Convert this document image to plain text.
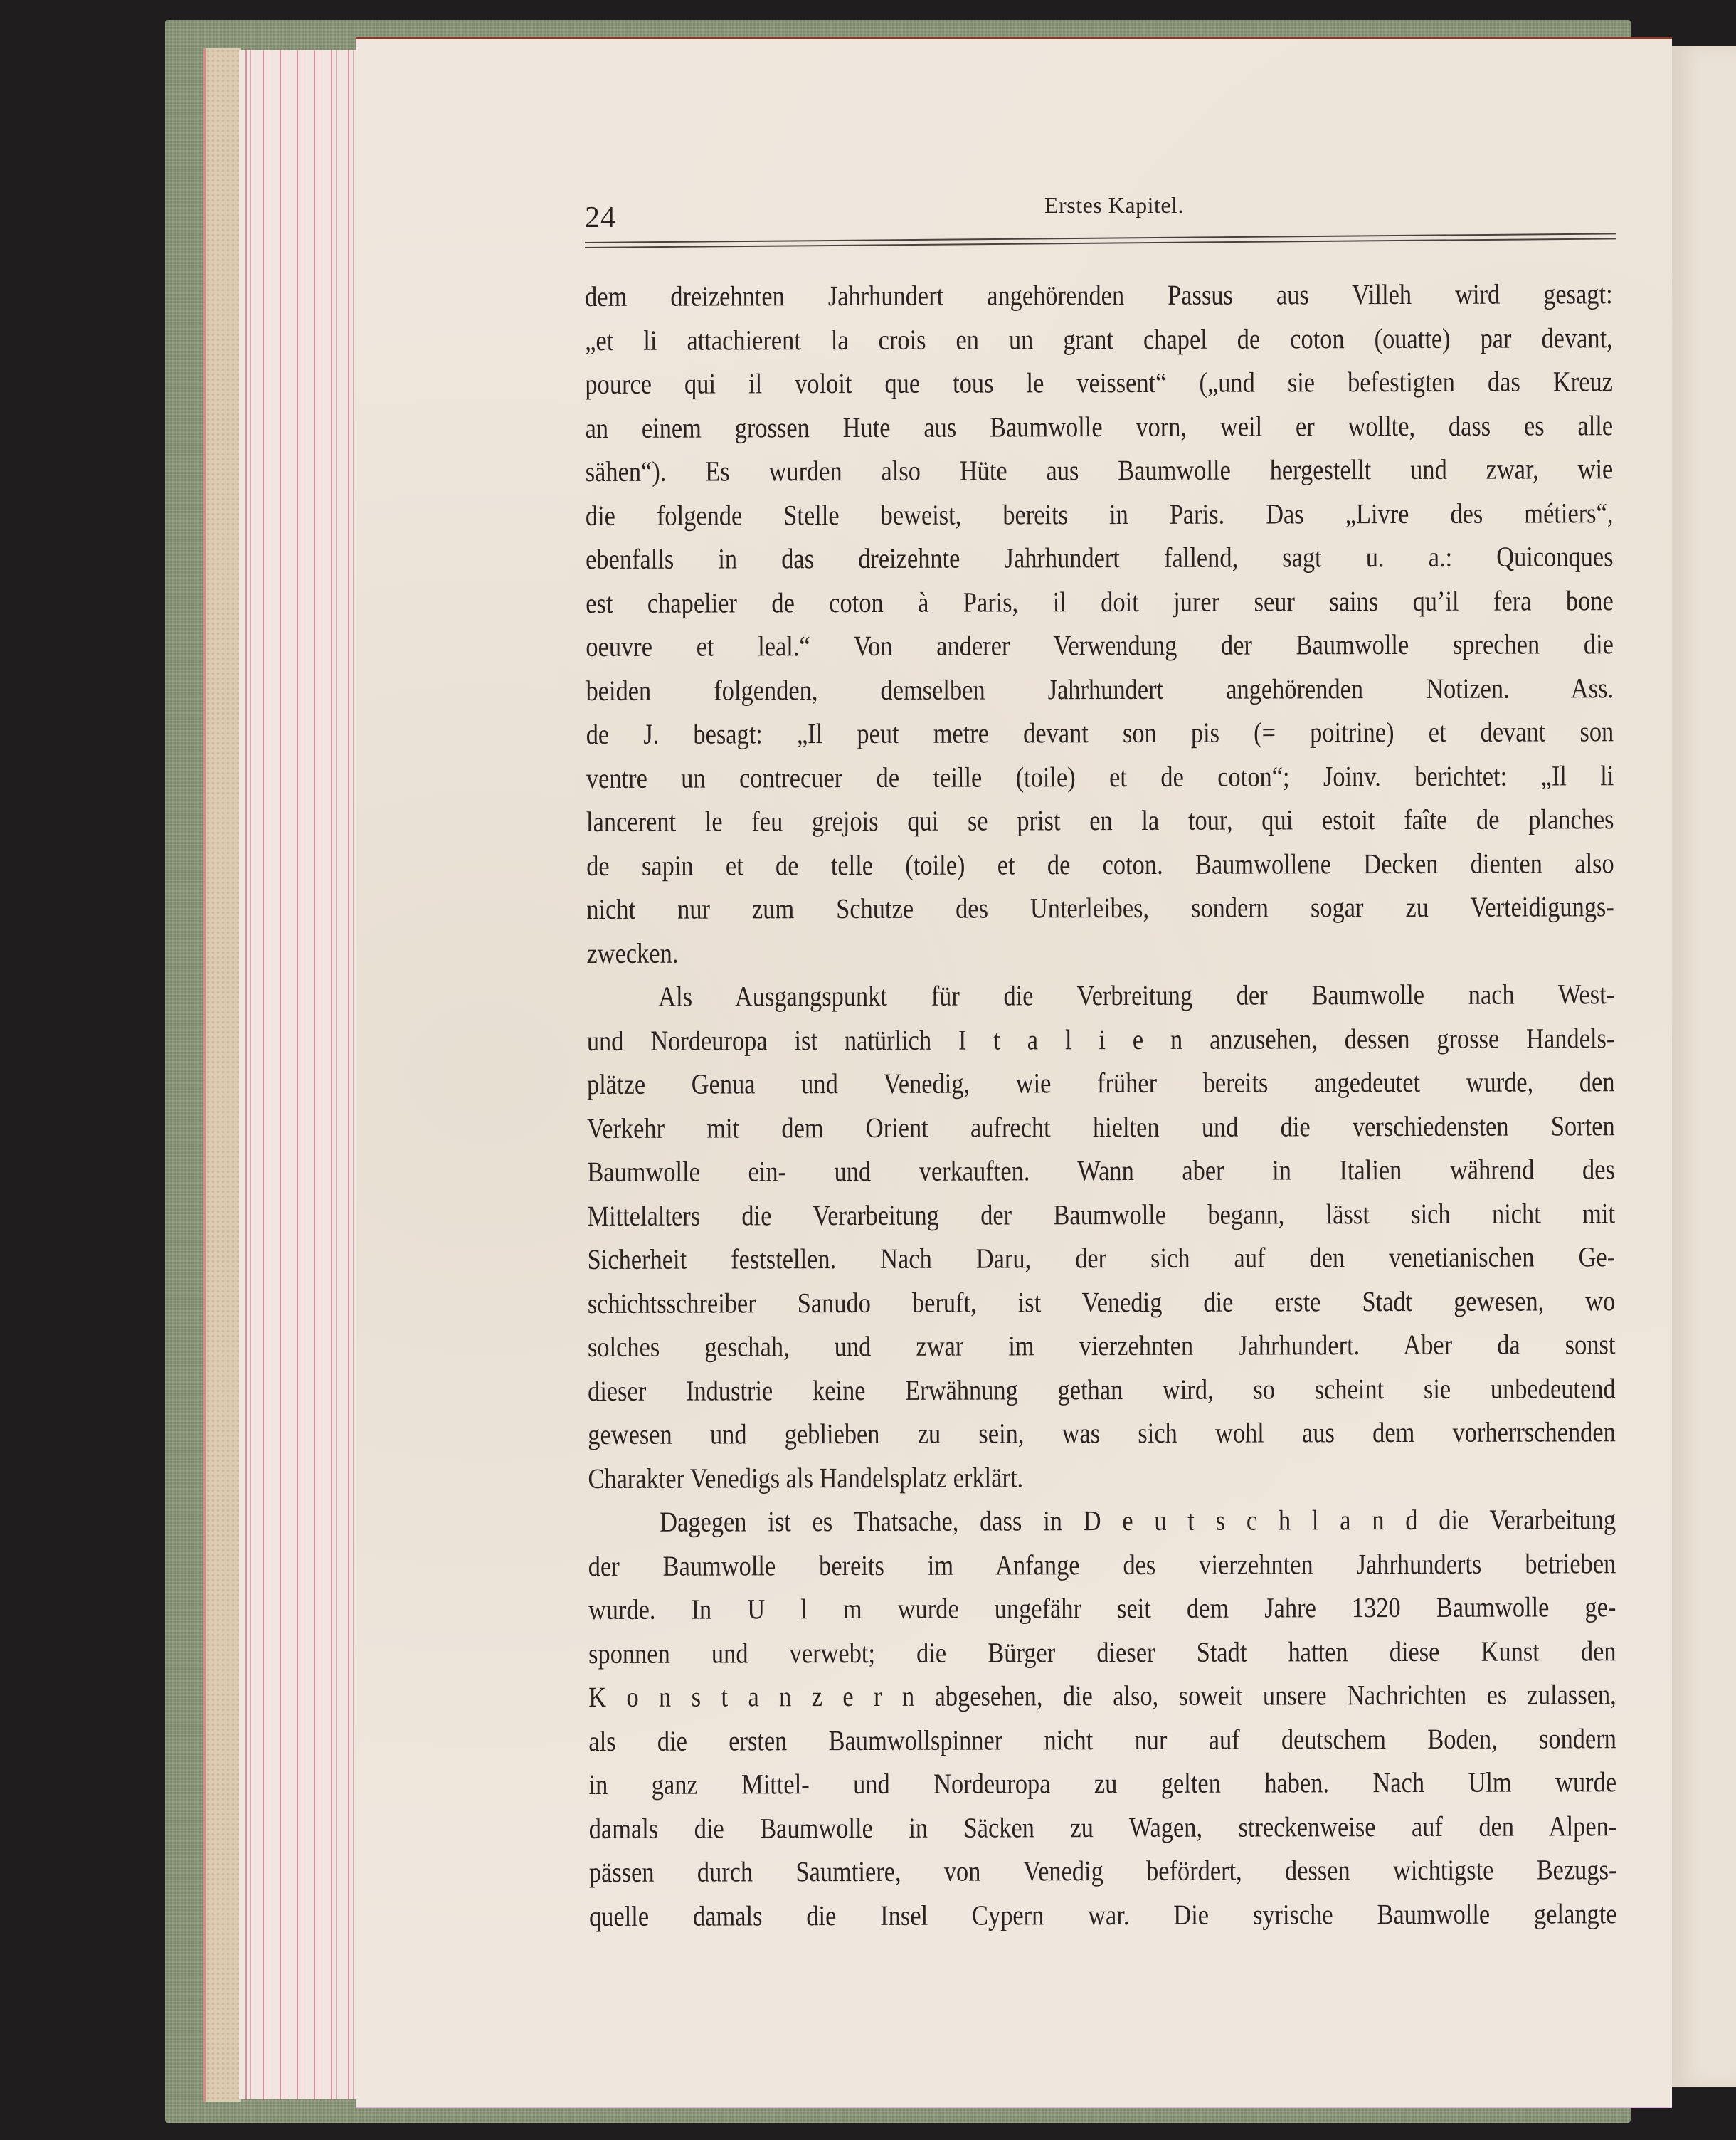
24	Erstes Kapitel.
dem dreizehnten Jahrhundert angehörenden Passus aus Villeh wird gesagt:
„et li attachierent la crois en un grant chapel de coton (ouatte) par devant,
pource qui il voloit que tous le veissent“ („und sie befestigten das Kreuz
an einem grossen Hute aus Baumwolle vorn, weil er wollte, dass es alle
sähen“). Es wurden also Hüte aus Baumwolle hergestellt und zwar, wie
die folgende Stelle beweist, bereits in Paris. Das „Livre des métiers“,
ebenfalls in das dreizehnte Jahrhundert fallend, sagt u. a.: Quiconques
est chapelier de coton à Paris, il doit jurer seur sains qu’il fera bone
oeuvre et leal.“ Von anderer Verwendung der Baumwolle sprechen die
beiden folgenden, demselben Jahrhundert angehörenden Notizen. Ass.
de J. besagt: „Il peut metre devant son pis (= poitrine) et devant son
ventre un contrecuer de teille (toile) et de coton“; Joinv. berichtet: „Il li
lancerent le feu grejois qui se prist en la tour, qui estoit faîte de planches
de sapin et de telle (toile) et de coton. Baumwollene Decken dienten also
nicht nur zum Schutze des Unterleibes, sondern sogar zu Verteidigungs-
zwecken.
Als Ausgangspunkt für die Verbreitung der Baumwolle nach West-
und Nordeuropa ist natürlich I t a l i e n anzusehen, dessen grosse Handels-
plätze Genua und Venedig, wie früher bereits angedeutet wurde, den
Verkehr mit dem Orient aufrecht hielten und die verschiedensten Sorten
Baumwolle ein- und verkauften. Wann aber in Italien während des
Mittelalters die Verarbeitung der Baumwolle begann, lässt sich nicht mit
Sicherheit feststellen. Nach Daru, der sich auf den venetianischen Ge-
schichtsschreiber Sanudo beruft, ist Venedig die erste Stadt gewesen, wo
solches geschah, und zwar im vierzehnten Jahrhundert. Aber da sonst
dieser Industrie keine Erwähnung gethan wird, so scheint sie unbedeutend
gewesen und geblieben zu sein, was sich wohl aus dem vorherrschenden
Charakter Venedigs als Handelsplatz erklärt.
Dagegen ist es Thatsache, dass in D e u t s c h l a n d die Verarbeitung
der Baumwolle bereits im Anfange des vierzehnten Jahrhunderts betrieben
wurde. In U l m wurde ungefähr seit dem Jahre 1320 Baumwolle ge-
sponnen und verwebt; die Bürger dieser Stadt hatten diese Kunst den
K o n s t a n z e r n abgesehen, die also, soweit unsere Nachrichten es zulassen,
als die ersten Baumwollspinner nicht nur auf deutschem Boden, sondern
in ganz Mittel- und Nordeuropa zu gelten haben. Nach Ulm wurde
damals die Baumwolle in Säcken zu Wagen, streckenweise auf den Alpen-
pässen durch Saumtiere, von Venedig befördert, dessen wichtigste Bezugs-
quelle damals die Insel Cypern war. Die syrische Baumwolle gelangte
